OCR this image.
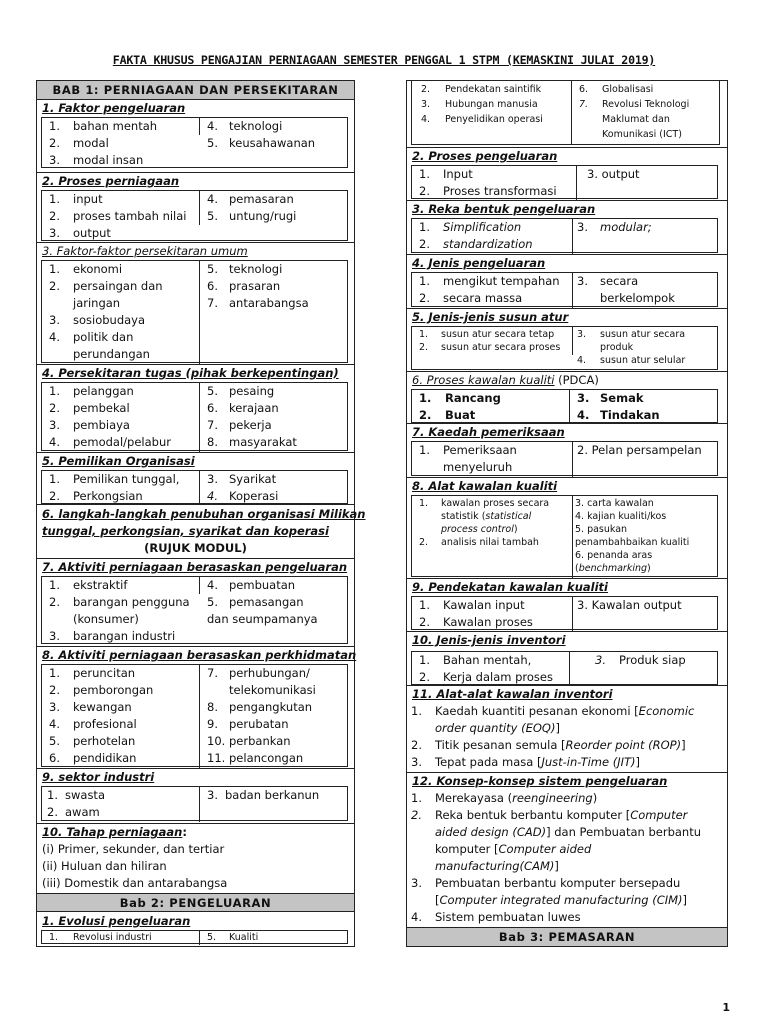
FAKTA KHUSUS PENGAJIAN PERNIAGAAN SEMESTER PENGGAL 1 STPM (KEMASKINI JULAI 2019)
BAB 1: PERNIAGAAN DAN PERSEKITARAN
1. Faktor pengeluaran
1. bahan mentah
2. modal
3. modal insan
4. teknologi
5. keusahawanan
2. Proses perniagaan
1. input
2. proses tambah nilai
3. output
4. pemasaran
5. untung/rugi
3. Faktor-faktor persekitaran umum
1. ekonomi
2. persaingan dan
jaringan
3. sosiobudaya
4. politik dan
perundangan
5. teknologi
6. prasaran
7. antarabangsa
4. Persekitaran tugas (pihak berkepentingan)
1. pelanggan
2. pembekal
3. pembiaya
4. pemodal/pelabur
5. pesaing
6. kerajaan
7. pekerja
8. masyarakat
5. Pemilikan Organisasi
1. Pemilikan tunggal,
2. Perkongsian
3. Syarikat
4. Koperasi
6. langkah-langkah penubuhan organisasi Milikan
tunggal, perkongsian, syarikat dan koperasi
(RUJUK MODUL)
7. Aktiviti perniagaan berasaskan pengeluaran
1. ekstraktif
2. barangan pengguna
(konsumer)
3. barangan industri
4. pembuatan
5. pemasangan
dan seumpamanya
8. Aktiviti perniagaan berasaskan perkhidmatan
1. peruncitan
2. pemborongan
3. kewangan
4. profesional
5. perhotelan
6. pendidikan
7. perhubungan/
telekomunikasi
8. pengangkutan
9. perubatan
10. perbankan
11. pelancongan
9. sektor industri
1. swasta
2. awam
3. badan berkanun
10. Tahap perniagaan:
(i) Primer, sekunder, dan tertiar
(ii) Huluan dan hiliran
(iii) Domestik dan antarabangsa
Bab 2: PENGELUARAN
1. Evolusi pengeluaran
1. Revolusi industri	5. Kualiti
2. Pendekatan saintifik
3. Hubungan manusia
4. Penyelidikan operasi
6. Globalisasi
7. Revolusi Teknologi
Maklumat dan
Komunikasi (ICT)
2. Proses pengeluaran
1. Input
2. Proses transformasi
3. output
3. Reka bentuk pengeluaran
1. Simplification
2. standardization
3. modular;
4. Jenis pengeluaran
1. mengikut tempahan
2. secara massa
3. secara
berkelompok
5. Jenis-jenis susun atur
1. susun atur secara tetap
2. susun atur secara proses
3. susun atur secara
produk
4. susun atur selular
6. Proses kawalan kualiti (PDCA)
1. Rancang
2. Buat
3. Semak
4. Tindakan
7. Kaedah pemeriksaan
1. Pemeriksaan
menyeluruh
2. Pelan persampelan
8. Alat kawalan kualiti
1. kawalan proses secara
statistik (statistical
process control)
2. analisis nilai tambah
3. carta kawalan
4. kajian kualiti/kos
5. pasukan
penambahbaikan kualiti
6. penanda aras
(benchmarking)
9. Pendekatan kawalan kualiti
1. Kawalan input
2. Kawalan proses
3. Kawalan output
10. Jenis-jenis inventori
1. Bahan mentah,
2. Kerja dalam proses
3. Produk siap
11. Alat-alat kawalan inventori
1. Kaedah kuantiti pesanan ekonomi [Economic
order quantity (EOQ)]
2. Titik pesanan semula [Reorder point (ROP)]
3. Tepat pada masa [Just-in-Time (JIT)]
12. Konsep-konsep sistem pengeluaran
1. Merekayasa (reengineering)
2. Reka bentuk berbantu komputer [Computer
aided design (CAD)] dan Pembuatan berbantu
komputer [Computer aided
manufacturing(CAM)]
3. Pembuatan berbantu komputer bersepadu
[Computer integrated manufacturing (CIM)]
4. Sistem pembuatan luwes
Bab 3: PEMASARAN
1
